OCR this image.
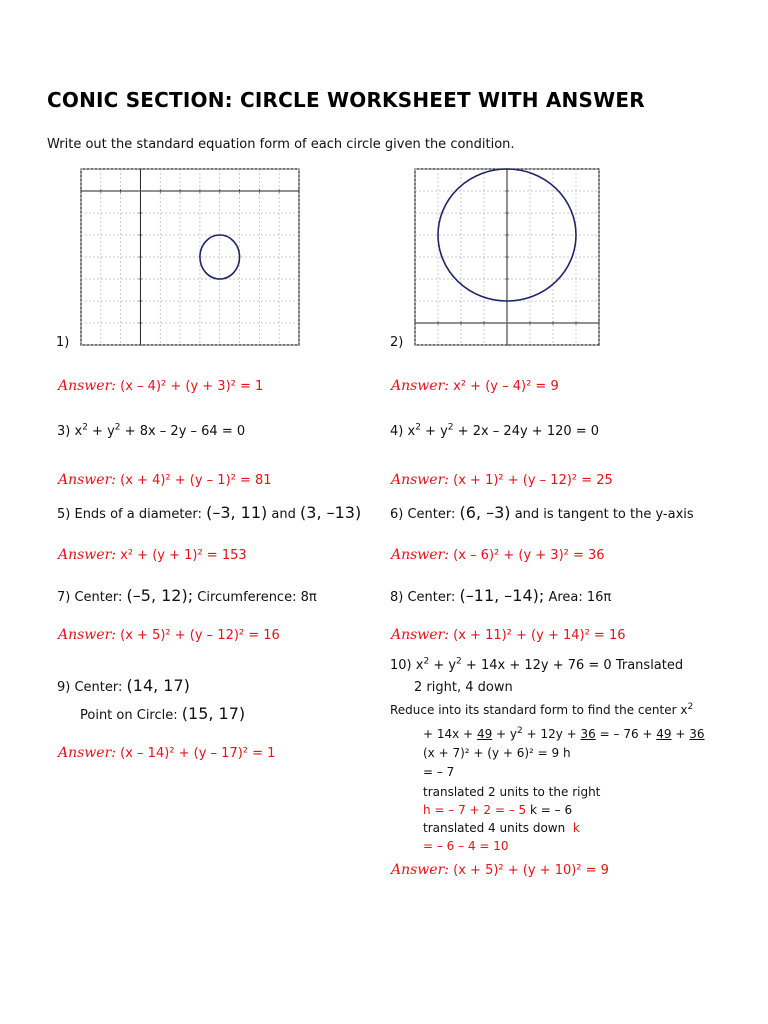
CONIC SECTION: CIRCLE WORKSHEET WITH ANSWER
Write out the standard equation form of each circle given the condition.
1)	2)
Answer: (x – 4)² + (y + 3)² = 1	Answer: x² + (y – 4)² = 9
3) $x^2 + y^2 + 8x - 2y - 64 = 0$	4) $x^2 + y^2 + 2x - 24y + 120 = 0$
Answer: (x + 4)² + (y – 1)² = 81	Answer: (x + 1)² + (y – 12)² = 25
5) Ends of a diameter: (–3, 11) and (3, –13) 6) Center: (6, –3) and is tangent to the y-axis
Answer: x² + (y + 1)² = 153	Answer: (x – 6)² + (y + 3)² = 36
7) Center: (–5, 12); Circumference: 8π	8) Center: (–11, –14); Area: 16π
Answer: (x + 5)² + (y – 12)² = 16	Answer: (x + 11)² + (y + 14)² = 16
9) Center: (14, 17)
Point on Circle: (15, 17)
Answer: (x – 14)² + (y – 17)² = 1
10) $x^2 + y^2 + 14x + 12y + 76 = 0$ Translated
2 right, 4 down
Reduce into its standard form to find the center $x^2$
+ $14x + 49 + y^2 + 12y + 36$ = – 76 + 49 + 36
(x + 7)² + (y + 6)² = 9 h
= – 7
translated 2 units to the right
h = – 7 + 2 = – 5 k = – 6
translated 4 units down k
= – 6 – 4 = 10
Answer: (x + 5)² + (y + 10)² = 9
